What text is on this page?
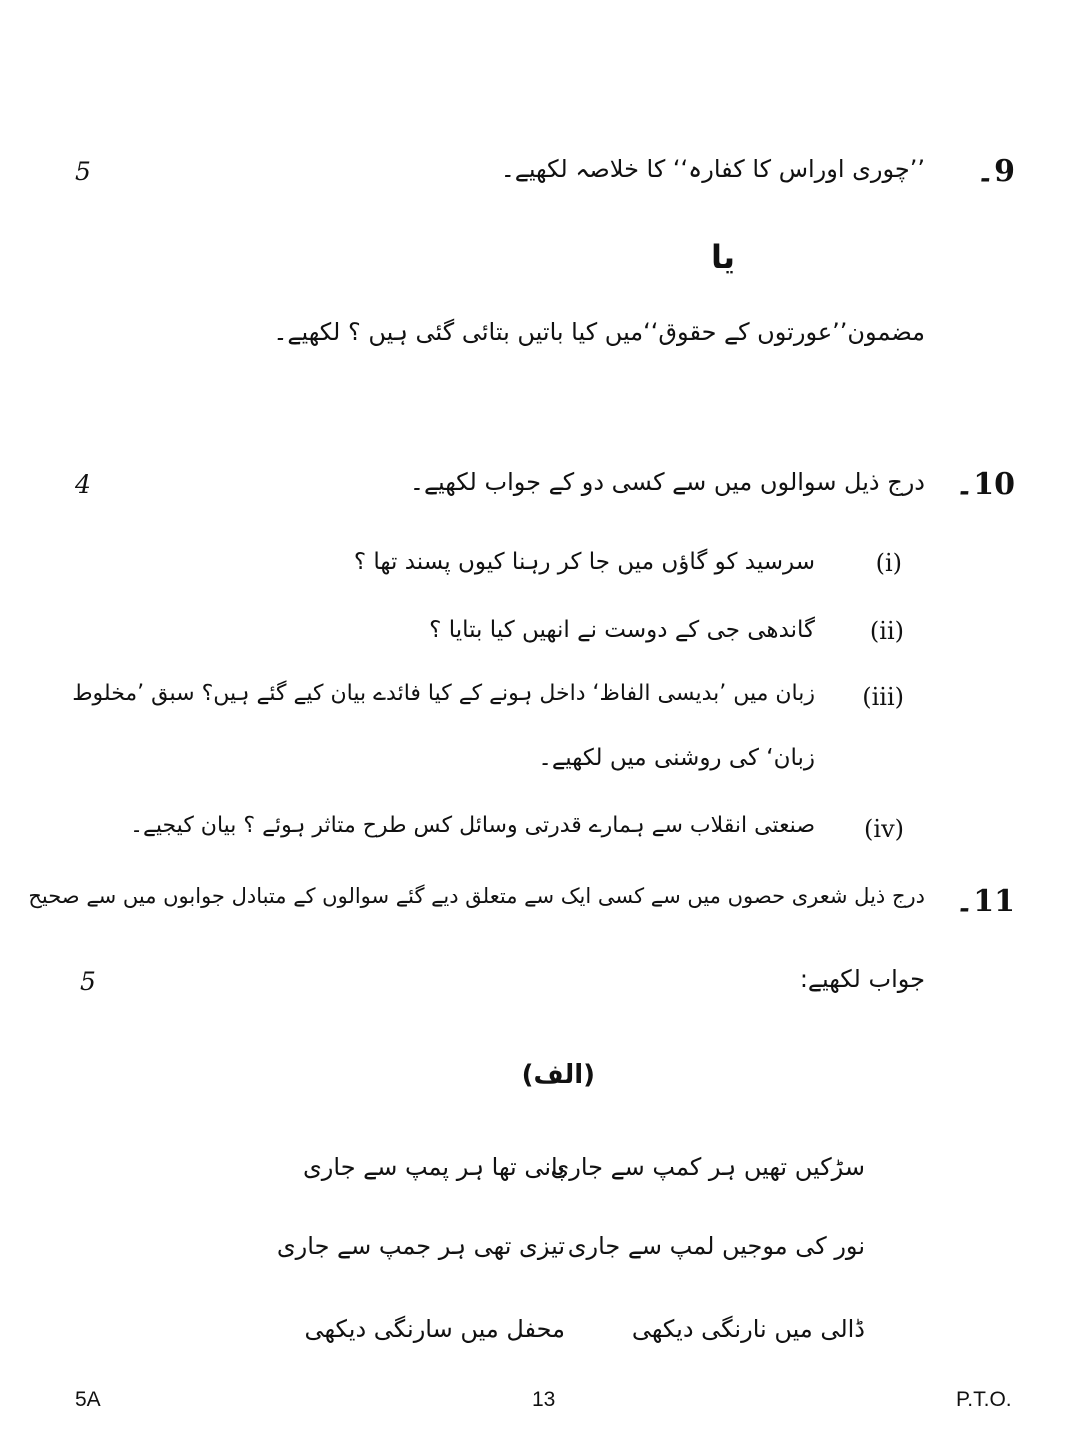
5	’’چوری اوراس کا کفارہ‘‘ کا خلاصہ لکھیے۔ 9۔
یا
مضمون’’عورتوں کے حقوق‘‘میں کیا باتیں بتائی گئی ہیں ؟ لکھیے۔
4	درج ذیل سوالوں میں سے کسی دو کے جواب لکھیے۔ 10۔
(i)
سرسید کو گاؤں میں جا کر رہنا کیوں پسند تھا ؟
(ii)
گاندھی جی کے دوست نے انھیں کیا بتایا ؟
(iii)
زبان میں ’بدیسی الفاظ‘ داخل ہونے کے کیا فائدے بیان کیے گئے ہیں؟ سبق ’مخلوط
زبان‘ کی روشنی میں لکھیے۔
(iv)
صنعتی انقلاب سے ہمارے قدرتی وسائل کس طرح متاثر ہوئے ؟ بیان کیجیے۔
11۔
درج ذیل شعری حصوں میں سے کسی ایک سے متعلق دیے گئے سوالوں کے متبادل جوابوں میں سے صحیح
جواب لکھیے:
5
(الف)
سڑکیں تھیں ہر کمپ سے جاری
پانی تھا ہر پمپ سے جاری
نور کی موجیں لمپ سے جاری
تیزی تھی ہر جمپ سے جاری
ڈالی میں نارنگی دیکھی
محفل میں سارنگی دیکھی
5A	13	P.T.O.
